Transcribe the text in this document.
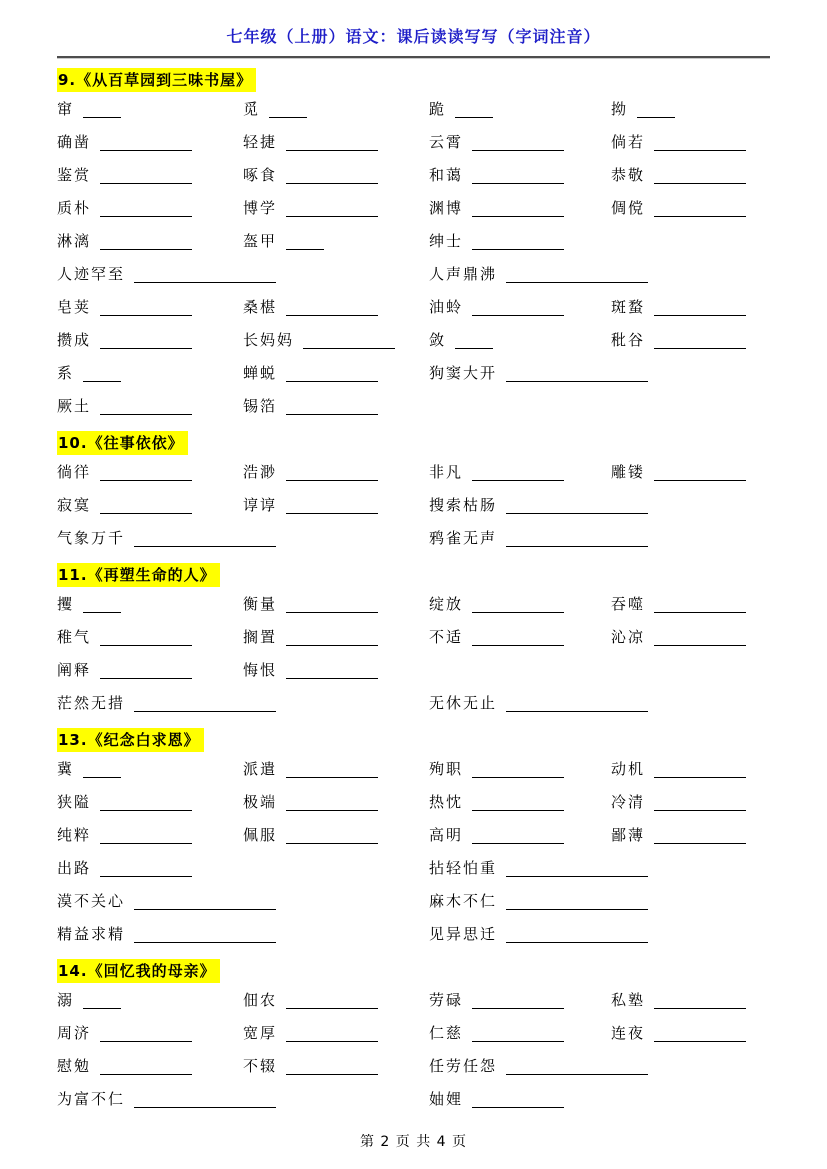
七年级（上册）语文：课后读读写写（字词注音）
9.《从百草园到三味书屋》
窜	觅	跪	拗
确凿	轻捷	云霄	倘若
鉴赏	啄食	和蔼	恭敬
质朴	博学	渊博	倜傥
淋漓	盔甲	绅士
人迹罕至	人声鼎沸
皂荚	桑椹	油蛉	斑蝥
攒成	长妈妈	敛	秕谷
系	蝉蜕	狗窦大开
厥土	锡箔
10.《往事依依》
徜徉	浩渺	非凡	雕镂
寂寞	谆谆	搜索枯肠
气象万千	鸦雀无声
11.《再塑生命的人》
攫	衡量	绽放	吞噬
稚气	搁置	不适	沁凉
阐释	悔恨
茫然无措	无休无止
13.《纪念白求恩》
冀	派遣	殉职	动机
狭隘	极端	热忱	冷清
纯粹	佩服	高明	鄙薄
出路	拈轻怕重
漠不关心	麻木不仁
精益求精	见异思迁
14.《回忆我的母亲》
溺	佃农	劳碌	私塾
周济	宽厚	仁慈	连夜
慰勉	不辍	任劳任怨
为富不仁	妯娌
第 2 页 共 4 页
